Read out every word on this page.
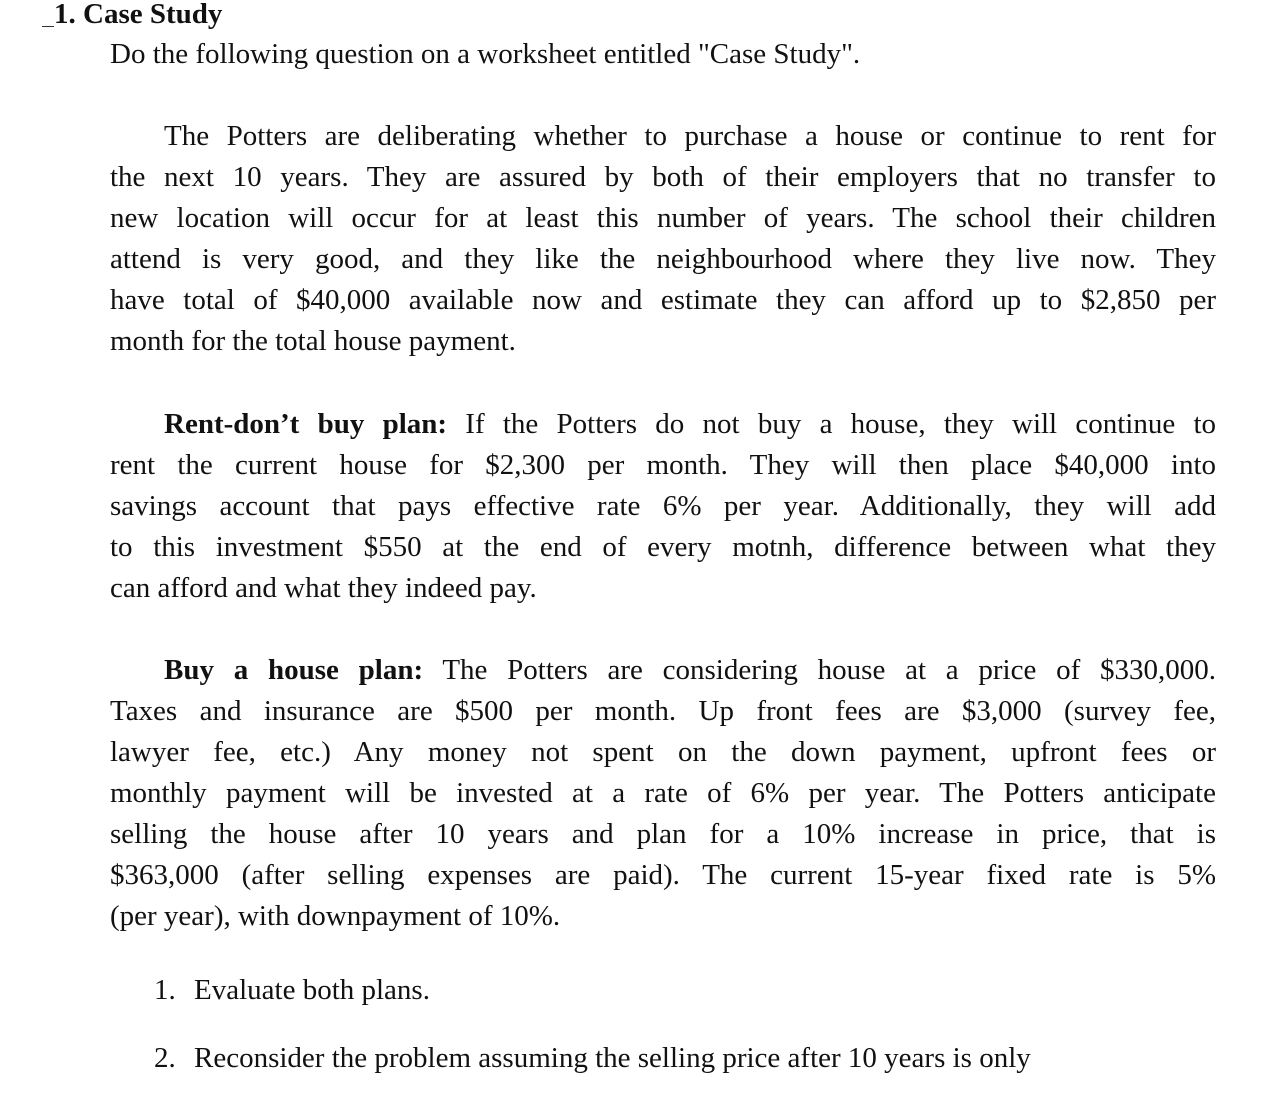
1. Case Study
Do the following question on a worksheet entitled "Case Study".

The Potters are deliberating whether to purchase a house or continue to rent for
the next 10 years. They are assured by both of their employers that no transfer to
new location will occur for at least this number of years. The school their children
attend is very good, and they like the neighbourhood where they live now. They
have total of $40,000 available now and estimate they can afford up to $2,850 per
month for the total house payment.

Rent-don’t buy plan: If the Potters do not buy a house, they will continue to
rent the current house for $2,300 per month. They will then place $40,000 into
savings account that pays effective rate 6% per year. Additionally, they will add
to this investment $550 at the end of every motnh, difference between what they
can afford and what they indeed pay.

Buy a house plan: The Potters are considering house at a price of $330,000.
Taxes and insurance are $500 per month. Up front fees are $3,000 (survey fee,
lawyer fee, etc.) Any money not spent on the down payment, upfront fees or
monthly payment will be invested at a rate of 6% per year. The Potters anticipate
selling the house after 10 years and plan for a 10% increase in price, that is
$363,000 (after selling expenses are paid). The current 15-year fixed rate is 5%
(per year), with downpayment of 10%.

1. Evaluate both plans.
2. Reconsider the problem assuming the selling price after 10 years is only
